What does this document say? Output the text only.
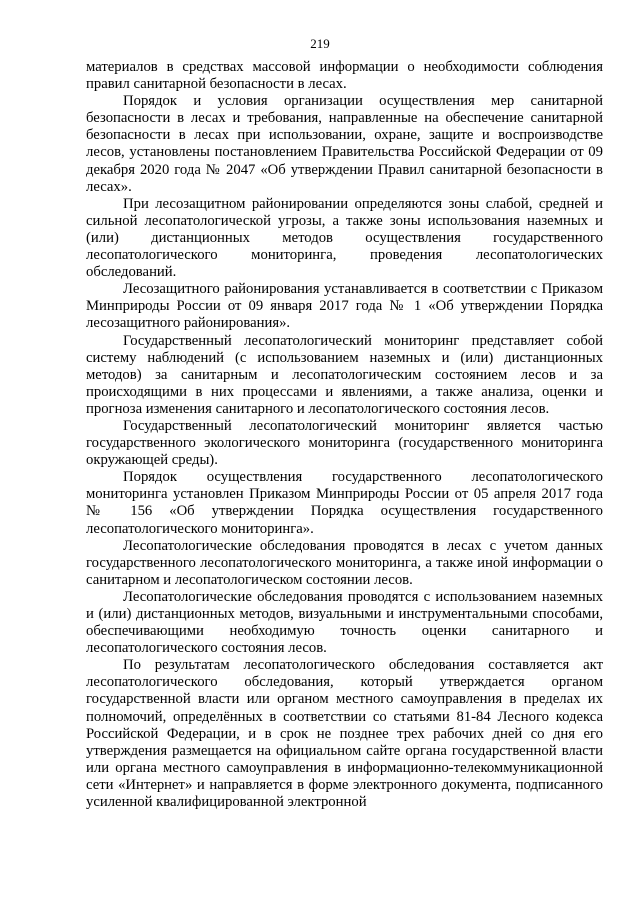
219

материалов в средствах массовой информации о необходимости соблюдения правил санитарной безопасности в лесах.

Порядок и условия организации осуществления мер санитарной безопасности в лесах и требования, направленные на обеспечение санитарной безопасности в лесах при использовании, охране, защите и воспроизводстве лесов, установлены постановлением Правительства Российской Федерации от 09 декабря 2020 года № 2047 «Об утверждении Правил санитарной безопасности в лесах».

При лесозащитном районировании определяются зоны слабой, средней и сильной лесопатологической угрозы, а также зоны использования наземных и (или) дистанционных методов осуществления государственного лесопатологического мониторинга, проведения лесопатологических обследований.

Лесозащитного районирования устанавливается в соответствии с Приказом Минприроды России от 09 января 2017 года № 1 «Об утверждении Порядка лесозащитного районирования».

Государственный лесопатологический мониторинг представляет собой систему наблюдений (с использованием наземных и (или) дистанционных методов) за санитарным и лесопатологическим состоянием лесов и за происходящими в них процессами и явлениями, а также анализа, оценки и прогноза изменения санитарного и лесопатологического состояния лесов.

Государственный лесопатологический мониторинг является частью государственного экологического мониторинга (государственного мониторинга окружающей среды).

Порядок осуществления государственного лесопатологического мониторинга установлен Приказом Минприроды России от 05 апреля 2017 года № 156 «Об утверждении Порядка осуществления государственного лесопатологического мониторинга».

Лесопатологические обследования проводятся в лесах с учетом данных государственного лесопатологического мониторинга, а также иной информации о санитарном и лесопатологическом состоянии лесов.

Лесопатологические обследования проводятся с использованием наземных и (или) дистанционных методов, визуальными и инструментальными способами, обеспечивающими необходимую точность оценки санитарного и лесопатологического состояния лесов.

По результатам лесопатологического обследования составляется акт лесопатологического обследования, который утверждается органом государственной власти или органом местного самоуправления в пределах их полномочий, определённых в соответствии со статьями 81-84 Лесного кодекса Российской Федерации, и в срок не позднее трех рабочих дней со дня его утверждения размещается на официальном сайте органа государственной власти или органа местного самоуправления в информационно-телекоммуникационной сети «Интернет» и направляется в форме электронного документа, подписанного усиленной квалифицированной электронной
